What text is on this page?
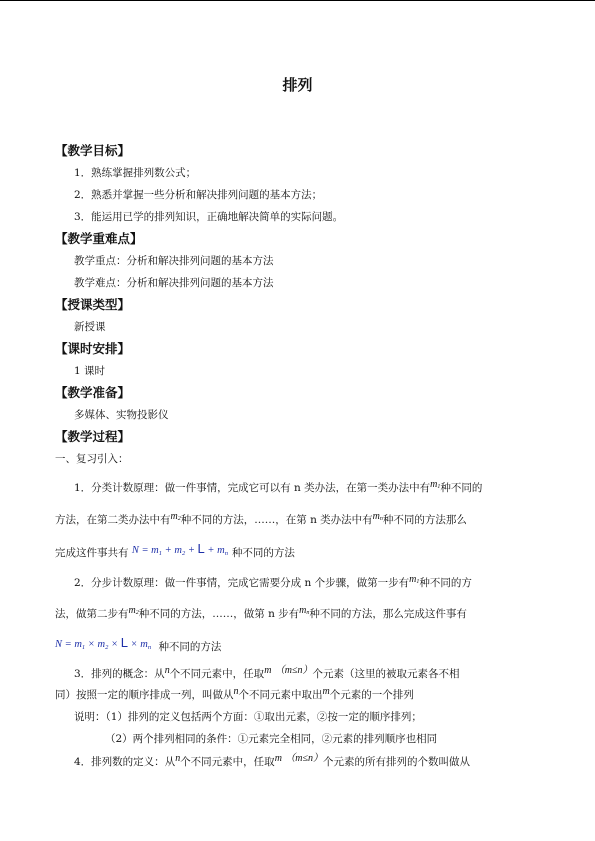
排列
【教学目标】
1．熟练掌握排列数公式；
2．熟悉并掌握一些分析和解决排列问题的基本方法；
3．能运用已学的排列知识，正确地解决简单的实际问题。
【教学重难点】
教学重点：分析和解决排列问题的基本方法
教学难点：分析和解决排列问题的基本方法
【授课类型】
新授课
【课时安排】
1 课时
【教学准备】
多媒体、实物投影仪
【教学过程】
一、复习引入：
1．分类计数原理：做一件事情，完成它可以有 n 类办法，在第一类办法中有$m_1$种不同的
方法，在第二类办法中有$m_2$种不同的方法，……，在第 n 类办法中有$m_n$种不同的方法那么
完成这件事共有 $N = m_1 + m_2 + L + m_n$ 种不同的方法
2．分步计数原理：做一件事情，完成它需要分成 n 个步骤，做第一步有$m_1$种不同的方
法，做第二步有$m_2$种不同的方法，……，做第 n 步有$m_n$种不同的方法，那么完成这件事有
$N = m_1 \times m_2 \times L \times m_n$ 种不同的方法
3．排列的概念：从n个不同元素中，任取m （m≤n）个元素（这里的被取元素各不相
同）按照一定的顺序排成一列，叫做从n个不同元素中取出m个元素的一个排列
说明：（1）排列的定义包括两个方面：①取出元素，②按一定的顺序排列；
（2）两个排列相同的条件：①元素完全相同，②元素的排列顺序也相同
4．排列数的定义：从n个不同元素中，任取m （m≤n）个元素的所有排列的个数叫做从
